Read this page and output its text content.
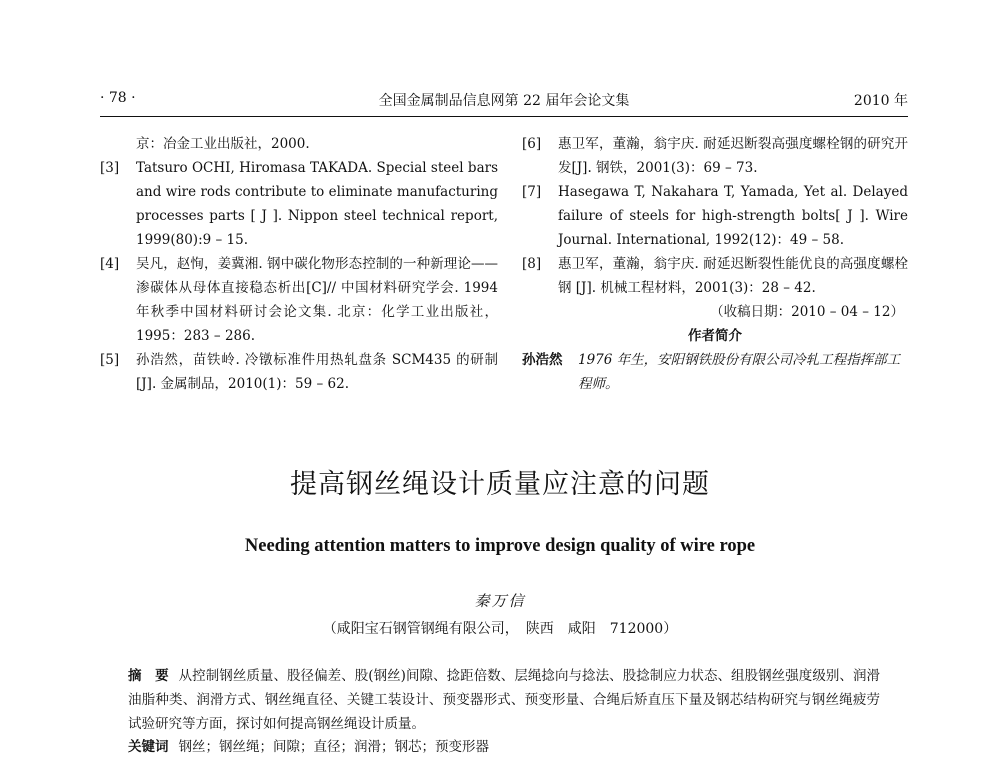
· 78 ·	全国金属制品信息网第 22 届年会论文集	2010 年
京：冶金工业出版社，2000.
[3] Tatsuro OCHI, Hiromasa TAKADA. Special steel bars and wire rods contribute to eliminate manufacturing processes parts [ J ]. Nippon steel technical report, 1999(80):9 – 15.
[4] 吴凡，赵恂，姜冀湘. 钢中碳化物形态控制的一种新理论——渗碳体从母体直接稳态析出[C]// 中国材料研究学会. 1994 年秋季中国材料研讨会论文集. 北京：化学工业出版社，1995：283 – 286.
[5] 孙浩然，苗铁岭. 冷镦标准件用热轧盘条 SCM435 的研制[J]. 金属制品，2010(1)：59 – 62.
[6] 惠卫军，董瀚，翁宇庆. 耐延迟断裂高强度螺栓钢的研究开发[J]. 钢铁，2001(3)：69 – 73.
[7] Hasegawa T, Nakahara T, Yamada, Yet al. Delayed failure of steels for high-strength bolts[ J ]. Wire Journal. International, 1992(12)：49 – 58.
[8] 惠卫军，董瀚，翁宇庆. 耐延迟断裂性能优良的高强度螺栓钢 [J]. 机械工程材料，2001(3)：28 – 42.
（收稿日期：2010 – 04 – 12）
作者简介
孙浩然 1976 年生，安阳钢铁股份有限公司冷轧工程指挥部工程师。
提高钢丝绳设计质量应注意的问题
Needing attention matters to improve design quality of wire rope
秦万信
（咸阳宝石钢管钢绳有限公司，　陕西　咸阳　712000）
摘　要 从控制钢丝质量、股径偏差、股(钢丝)间隙、捻距倍数、层绳捻向与捻法、股捻制应力状态、组股钢丝强度级别、润滑油脂种类、润滑方式、钢丝绳直径、关键工装设计、预变器形式、预变形量、合绳后矫直压下量及钢芯结构研究与钢丝绳疲劳试验研究等方面，探讨如何提高钢丝绳设计质量。
关键词 钢丝；钢丝绳；间隙；直径；润滑；钢芯；预变形器
